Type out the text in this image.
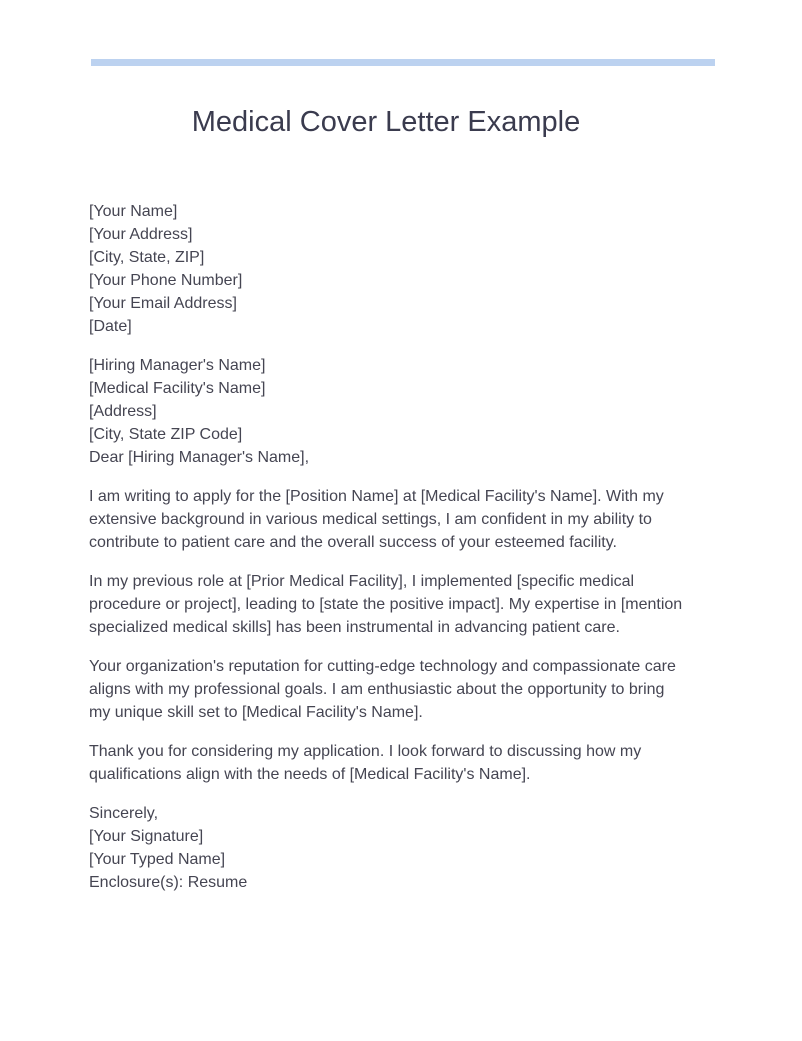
Medical Cover Letter Example
[Your Name]
[Your Address]
[City, State, ZIP]
[Your Phone Number]
[Your Email Address]
[Date]
[Hiring Manager's Name]
[Medical Facility's Name]
[Address]
[City, State ZIP Code]
Dear [Hiring Manager's Name],

I am writing to apply for the [Position Name] at [Medical Facility's Name]. With my
extensive background in various medical settings, I am confident in my ability to
contribute to patient care and the overall success of your esteemed facility.

In my previous role at [Prior Medical Facility], I implemented [specific medical
procedure or project], leading to [state the positive impact]. My expertise in [mention
specialized medical skills] has been instrumental in advancing patient care.

Your organization's reputation for cutting-edge technology and compassionate care
aligns with my professional goals. I am enthusiastic about the opportunity to bring
my unique skill set to [Medical Facility's Name].

Thank you for considering my application. I look forward to discussing how my
qualifications align with the needs of [Medical Facility's Name].

Sincerely,
[Your Signature]
[Your Typed Name]
Enclosure(s): Resume
